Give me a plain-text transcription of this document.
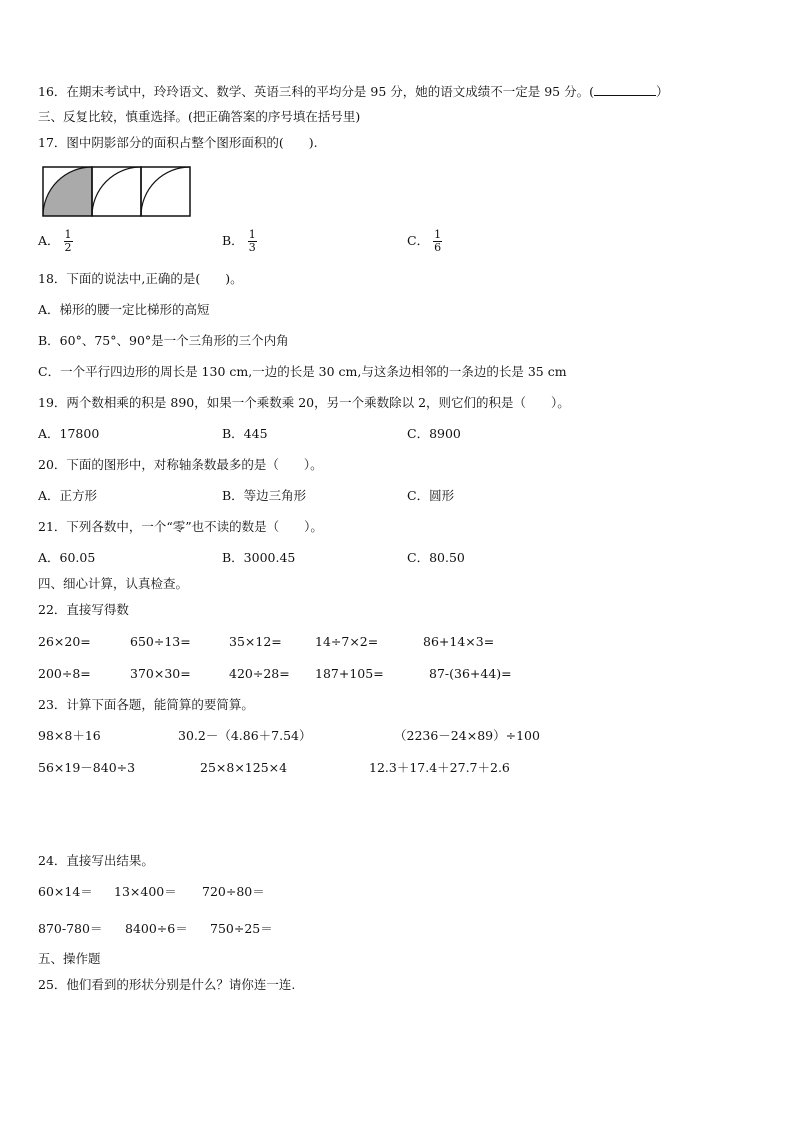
16．在期末考试中，玲玲语文、数学、英语三科的平均分是 95 分，她的语文成绩不一定是 95 分。(	）
三、反复比较，慎重选择。(把正确答案的序号填在括号里)
17．图中阴影部分的面积占整个图形面积的(　　).
A． $\frac{1}{2}$	B． $\frac{1}{3}$	C． $\frac{1}{6}$
18．下面的说法中,正确的是(　　)。
A．梯形的腰一定比梯形的高短
B．60°、75°、90°是一个三角形的三个内角
C．一个平行四边形的周长是 130 cm,一边的长是 30 cm,与这条边相邻的一条边的长是 35 cm
19．两个数相乘的积是 890，如果一个乘数乘 20，另一个乘数除以 2，则它们的积是（　　）。
A．17800	B．445	C．8900
20．下面的图形中，对称轴条数最多的是（　　）。
A．正方形	B．等边三角形	C．圆形
21．下列各数中，一个“零”也不读的数是（　　）。
A．60.05	B．3000.45	C．80.50
四、细心计算，认真检查。
22．直接写得数
26×20=	650÷13=	35×12=	14÷7×2=	86+14×3=
200÷8=	370×30=	420÷28= 187+105=	87-(36+44)=
23．计算下面各题，能简算的要简算。
98×8＋16	30.2－（4.86＋7.54）	（2236－24×89）÷100
56×19－840÷3	25×8×125×4	12.3＋17.4＋27.7＋2.6
24．直接写出结果。
60×14＝ 13×400＝ 720÷80＝
870-780＝ 8400÷6＝ 750÷25＝
五、操作题
25．他们看到的形状分别是什么？请你连一连.
